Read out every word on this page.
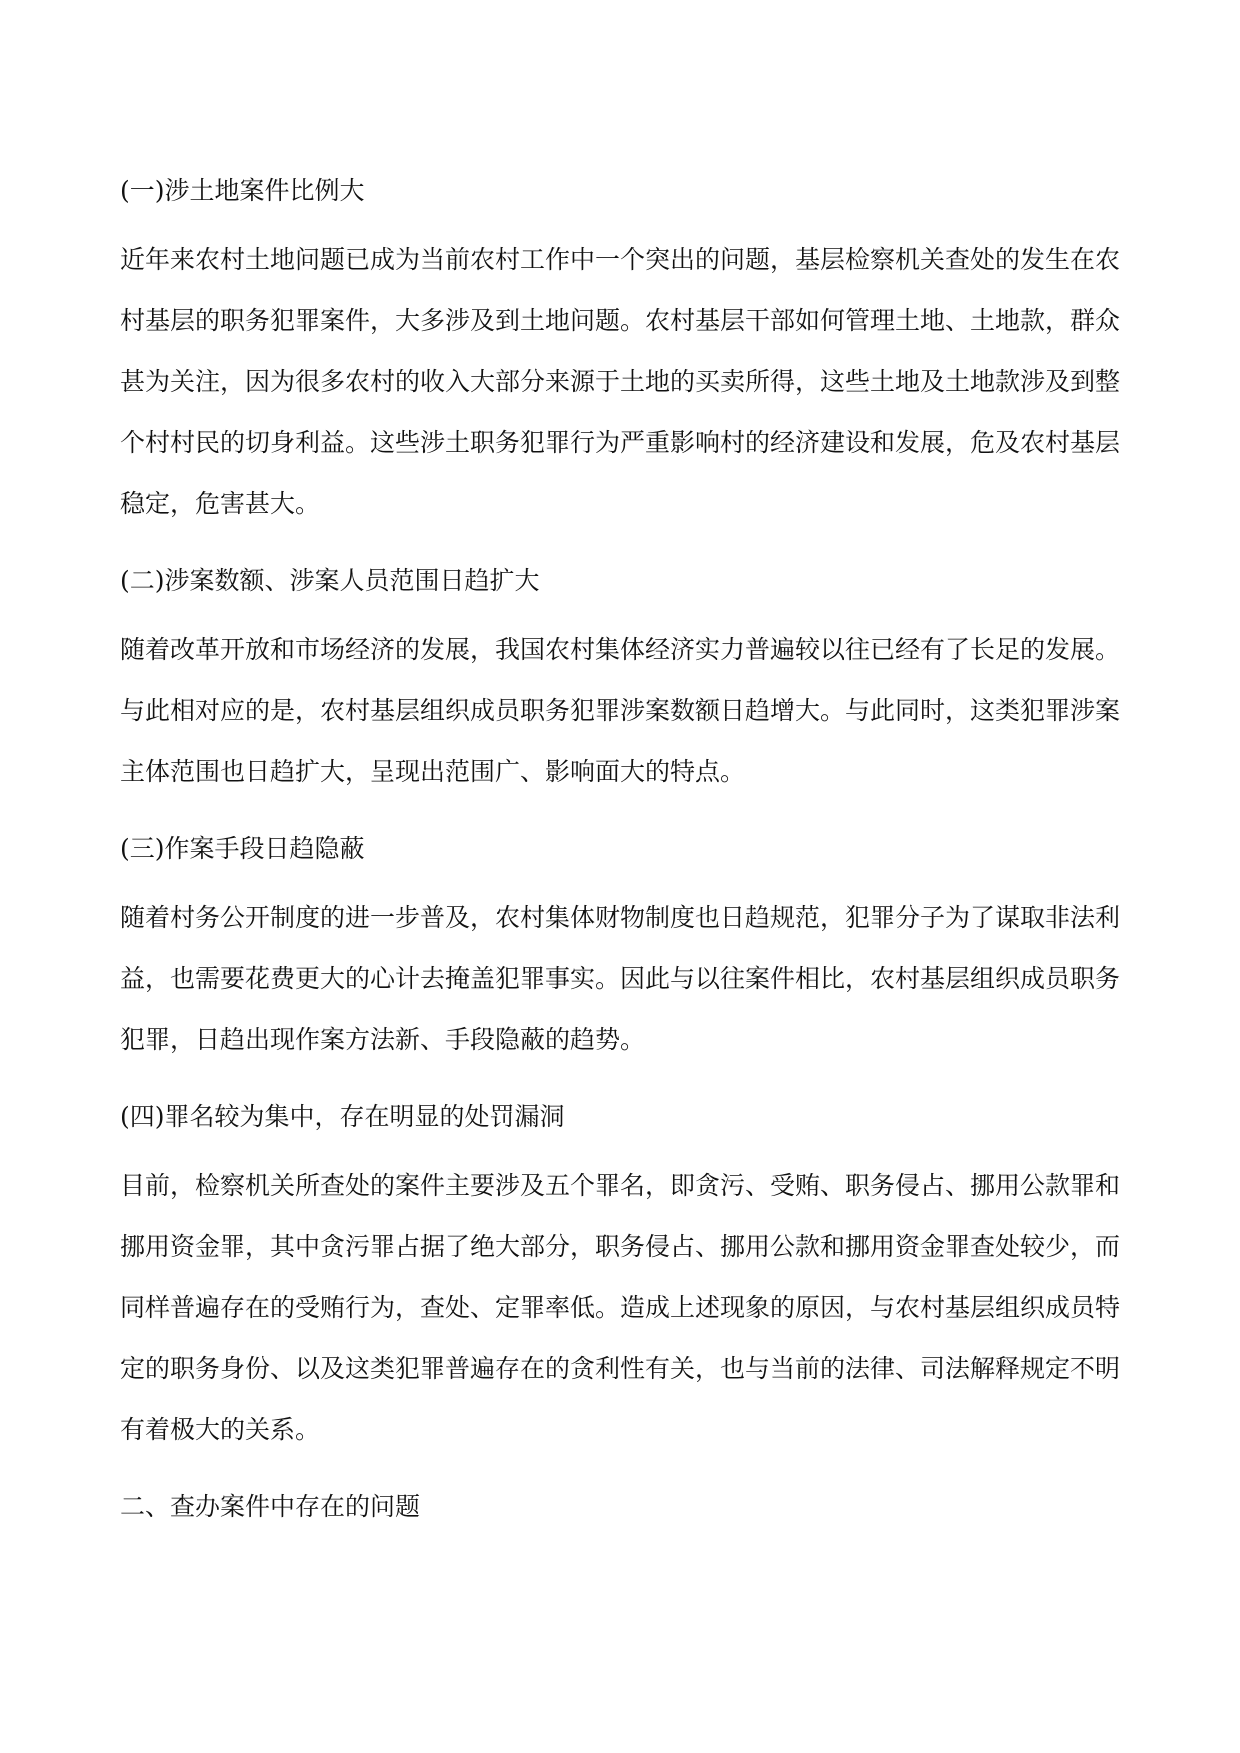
(一)涉土地案件比例大

近年来农村土地问题已成为当前农村工作中一个突出的问题，基层检察机关查处的发生在农
村基层的职务犯罪案件，大多涉及到土地问题。农村基层干部如何管理土地、土地款，群众
甚为关注，因为很多农村的收入大部分来源于土地的买卖所得，这些土地及土地款涉及到整
个村村民的切身利益。这些涉土职务犯罪行为严重影响村的经济建设和发展，危及农村基层
稳定，危害甚大。

(二)涉案数额、涉案人员范围日趋扩大

随着改革开放和市场经济的发展，我国农村集体经济实力普遍较以往已经有了长足的发展。
与此相对应的是，农村基层组织成员职务犯罪涉案数额日趋增大。与此同时，这类犯罪涉案
主体范围也日趋扩大，呈现出范围广、影响面大的特点。

(三)作案手段日趋隐蔽

随着村务公开制度的进一步普及，农村集体财物制度也日趋规范，犯罪分子为了谋取非法利
益，也需要花费更大的心计去掩盖犯罪事实。因此与以往案件相比，农村基层组织成员职务
犯罪，日趋出现作案方法新、手段隐蔽的趋势。

(四)罪名较为集中，存在明显的处罚漏洞

目前，检察机关所查处的案件主要涉及五个罪名，即贪污、受贿、职务侵占、挪用公款罪和
挪用资金罪，其中贪污罪占据了绝大部分，职务侵占、挪用公款和挪用资金罪查处较少，而
同样普遍存在的受贿行为，查处、定罪率低。造成上述现象的原因，与农村基层组织成员特
定的职务身份、以及这类犯罪普遍存在的贪利性有关，也与当前的法律、司法解释规定不明
有着极大的关系。

二、查办案件中存在的问题
